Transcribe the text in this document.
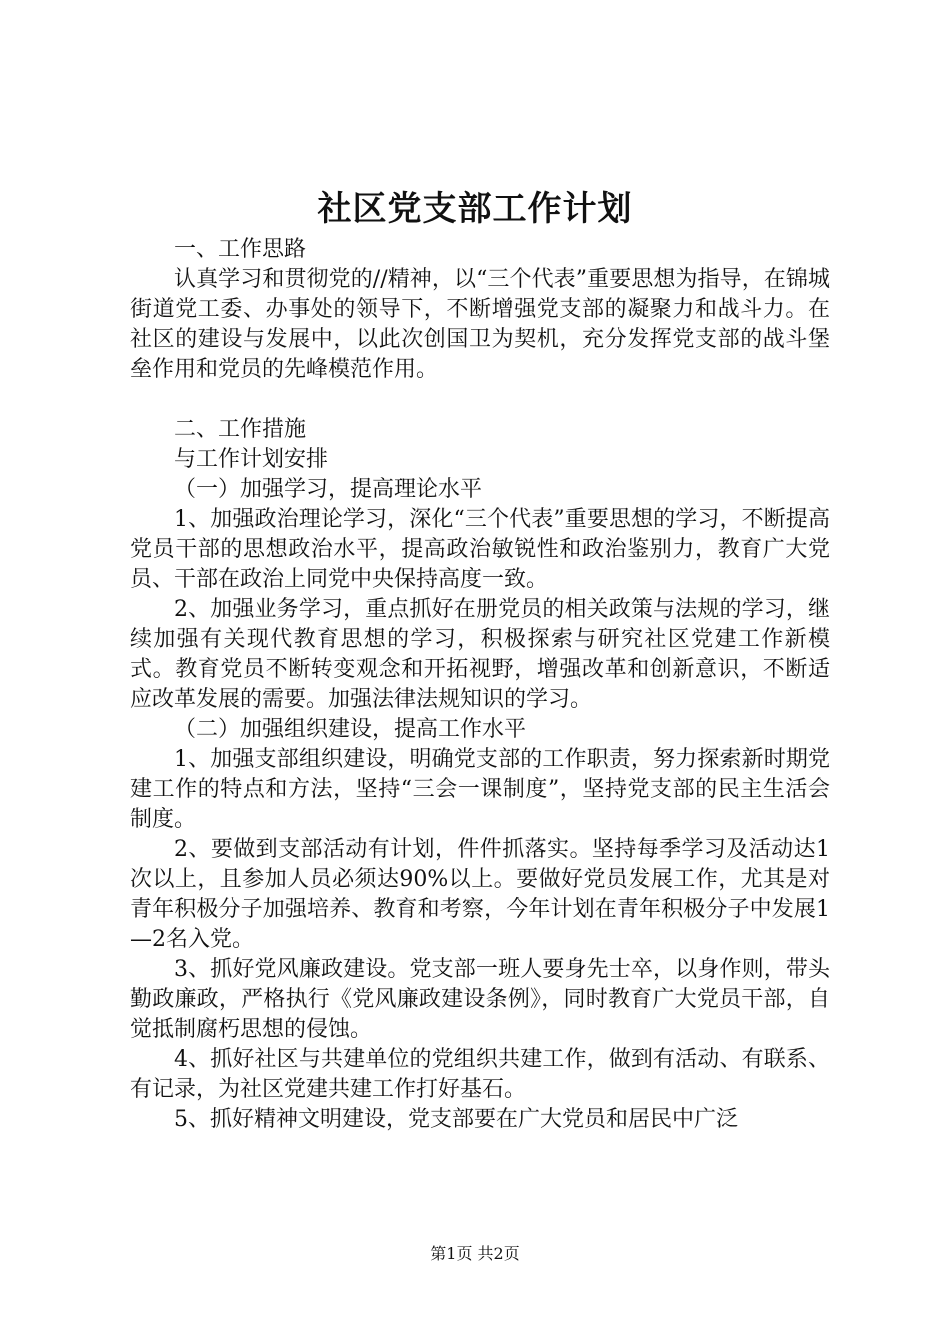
社区党支部工作计划

一、工作思路

认真学习和贯彻党的//精神，以“三个代表”重要思想为指导，在锦城街道党工委、办事处的领导下，不断增强党支部的凝聚力和战斗力。在社区的建设与发展中，以此次创国卫为契机，充分发挥党支部的战斗堡垒作用和党员的先峰模范作用。

二、工作措施

与工作计划安排

（一）加强学习，提高理论水平

1、加强政治理论学习，深化“三个代表”重要思想的学习，不断提高党员干部的思想政治水平，提高政治敏锐性和政治鉴别力，教育广大党员、干部在政治上同党中央保持高度一致。

2、加强业务学习，重点抓好在册党员的相关政策与法规的学习，继续加强有关现代教育思想的学习，积极探索与研究社区党建工作新模式。教育党员不断转变观念和开拓视野，增强改革和创新意识，不断适应改革发展的需要。加强法律法规知识的学习。

（二）加强组织建设，提高工作水平

1、加强支部组织建设，明确党支部的工作职责，努力探索新时期党建工作的特点和方法，坚持“三会一课制度”，坚持党支部的民主生活会制度。

2、要做到支部活动有计划，件件抓落实。坚持每季学习及活动达1次以上，且参加人员必须达90%以上。要做好党员发展工作，尤其是对青年积极分子加强培养、教育和考察，今年计划在青年积极分子中发展1—2名入党。

3、抓好党风廉政建设。党支部一班人要身先士卒，以身作则，带头勤政廉政，严格执行《党风廉政建设条例》，同时教育广大党员干部，自觉抵制腐朽思想的侵蚀。

4、抓好社区与共建单位的党组织共建工作，做到有活动、有联系、有记录，为社区党建共建工作打好基石。

5、抓好精神文明建设，党支部要在广大党员和居民中广泛

第1页 共2页
